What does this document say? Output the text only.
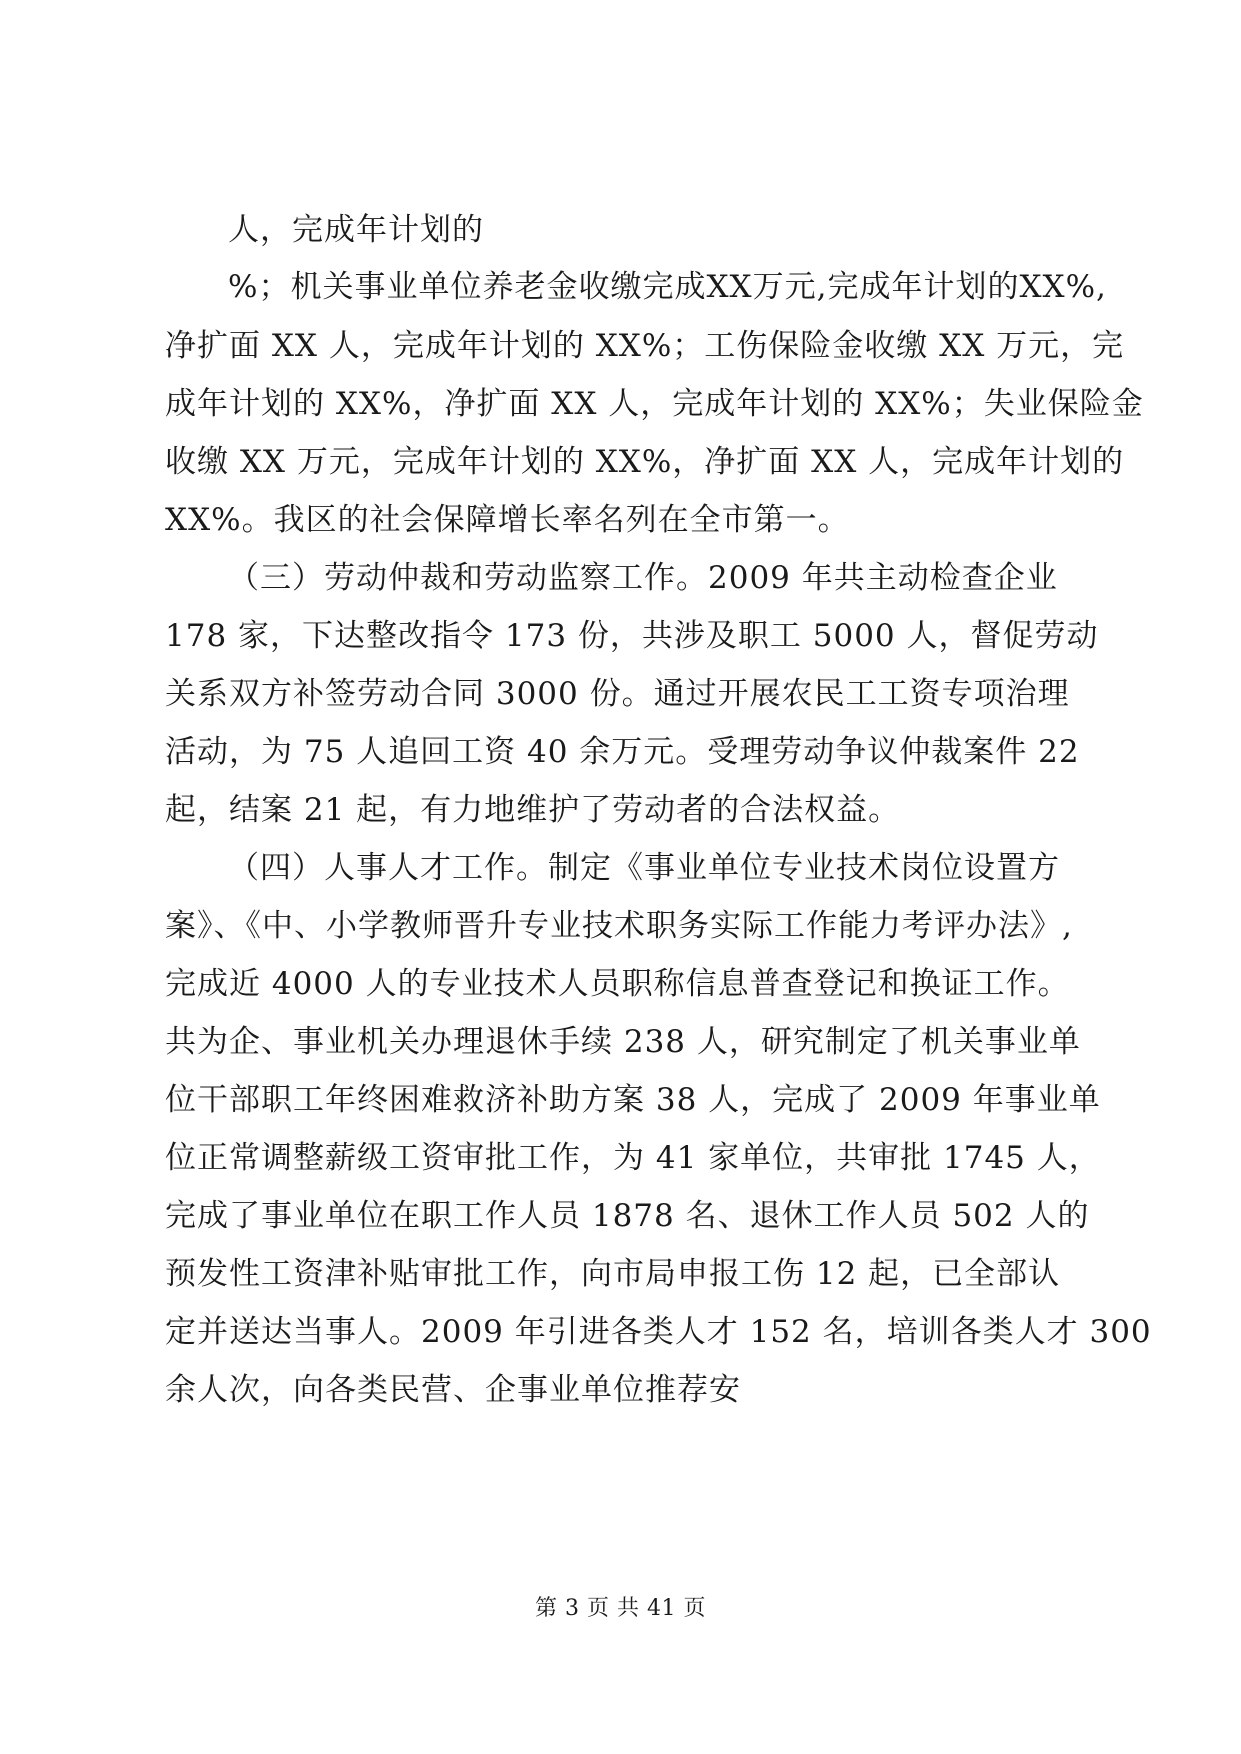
人，完成年计划的
%；机关事业单位养老金收缴完成XX万元,完成年计划的XX%,
净扩面 XX 人，完成年计划的 XX%；工伤保险金收缴 XX 万元，完
成年计划的 XX%，净扩面 XX 人，完成年计划的 XX%；失业保险金
收缴 XX 万元，完成年计划的 XX%，净扩面 XX 人，完成年计划的
XX%。我区的社会保障增长率名列在全市第一。
（三）劳动仲裁和劳动监察工作。2009 年共主动检查企业
178 家，下达整改指令 173 份，共涉及职工 5000 人，督促劳动
关系双方补签劳动合同 3000 份。通过开展农民工工资专项治理
活动，为 75 人追回工资 40 余万元。受理劳动争议仲裁案件 22
起，结案 21 起，有力地维护了劳动者的合法权益。
（四）人事人才工作。制定《事业单位专业技术岗位设置方
案》、《中、小学教师晋升专业技术职务实际工作能力考评办法》,
完成近 4000 人的专业技术人员职称信息普查登记和换证工作。
共为企、事业机关办理退休手续 238 人，研究制定了机关事业单
位干部职工年终困难救济补助方案 38 人，完成了 2009 年事业单
位正常调整薪级工资审批工作，为 41 家单位，共审批 1745 人，
完成了事业单位在职工作人员 1878 名、退休工作人员 502 人的
预发性工资津补贴审批工作，向市局申报工伤 12 起，已全部认
定并送达当事人。2009 年引进各类人才 152 名，培训各类人才 300
余人次，向各类民营、企事业单位推荐安
第 3 页 共 41 页
